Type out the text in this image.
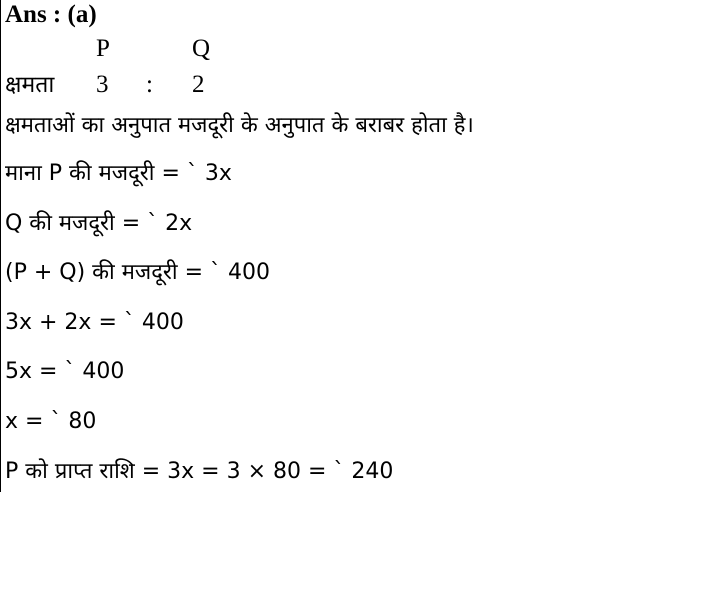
Ans : (a)
P	Q
क्षमता 3 : 2
क्षमताओं का अनुपात मजदूरी के अनुपात के बराबर होता है।
माना P की मजदूरी = ` 3x
Q की मजदूरी = ` 2x
(P + Q) की मजदूरी = ` 400
3x + 2x = ` 400
5x = ` 400
x = ` 80
P को प्राप्त राशि = 3x = 3 × 80 = ` 240
